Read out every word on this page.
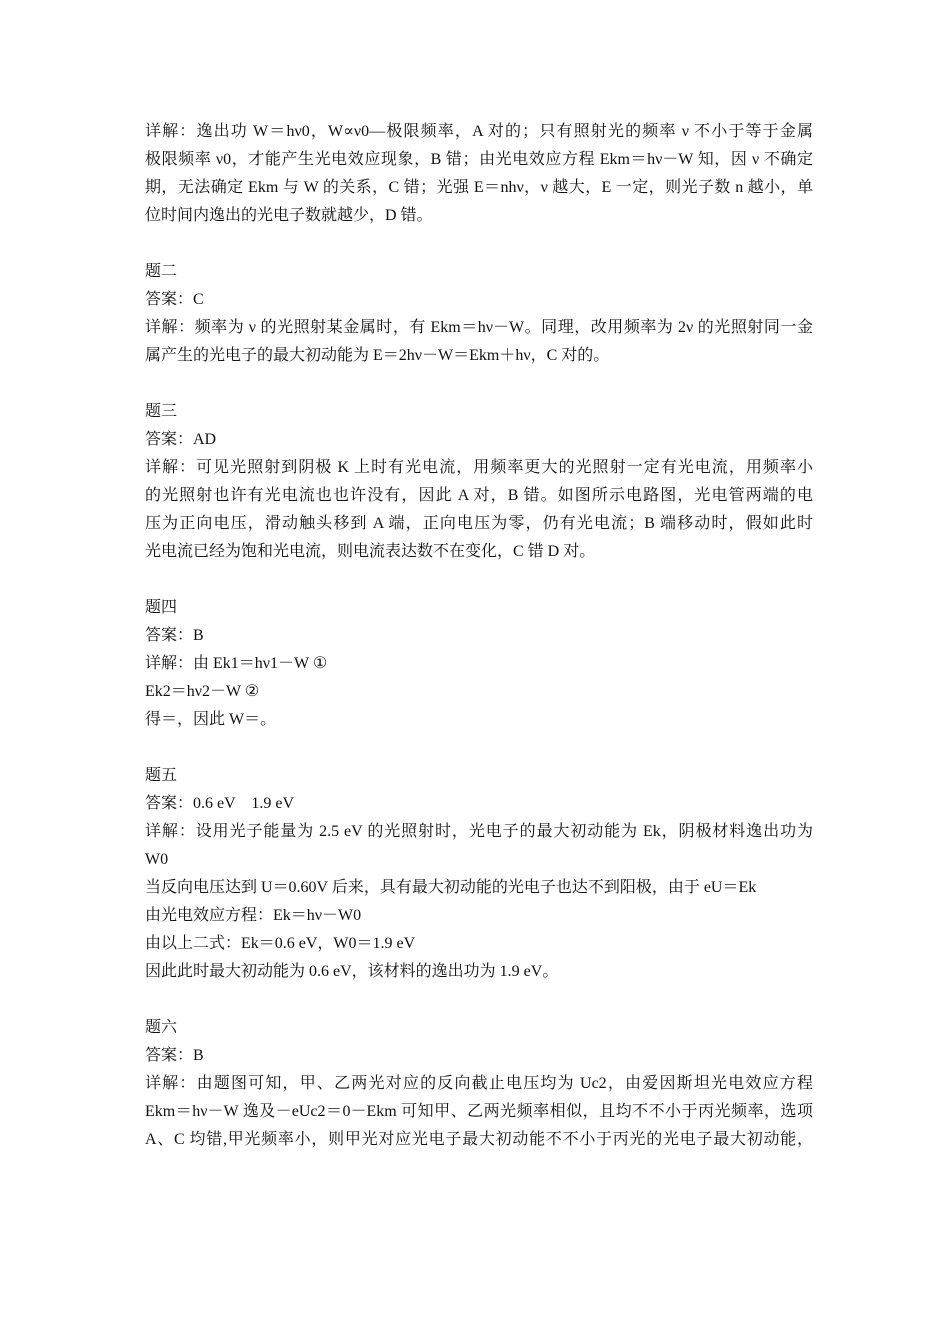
详解：逸出功 W＝hν0，W∝ν0—极限频率，A 对的；只有照射光的频率 ν 不小于等于金属
极限频率 ν0，才能产生光电效应现象，B 错；由光电效应方程 Ekm＝hν－W 知，因 ν 不确定
期，无法确定 Ekm 与 W 的关系，C 错；光强 E＝nhν，ν 越大，E 一定，则光子数 n 越小，单
位时间内逸出的光电子数就越少，D 错。
题二
答案：C
详解：频率为 ν 的光照射某金属时，有 Ekm＝hν－W。同理，改用频率为 2ν 的光照射同一金
属产生的光电子的最大初动能为 E＝2hν－W＝Ekm＋hν，C 对的。
题三
答案：AD
详解：可见光照射到阴极 K 上时有光电流，用频率更大的光照射一定有光电流，用频率小
的光照射也许有光电流也也许没有，因此 A 对，B 错。如图所示电路图，光电管两端的电
压为正向电压，滑动触头移到 A 端，正向电压为零，仍有光电流；B 端移动时，假如此时
光电流已经为饱和光电流，则电流表达数不在变化，C 错 D 对。
题四
答案：B
详解：由 Ek1＝hν1－W ①
Ek2＝hν2－W ②
得＝，因此 W＝。
题五
答案：0.6 eV　1.9 eV
详解：设用光子能量为 2.5 eV 的光照射时，光电子的最大初动能为 Ek，阴极材料逸出功为
W0
当反向电压达到 U＝0.60V 后来，具有最大初动能的光电子也达不到阳极，由于 eU＝Ek
由光电效应方程：Ek＝hν－W0
由以上二式：Ek＝0.6 eV，W0＝1.9 eV
因此此时最大初动能为 0.6 eV，该材料的逸出功为 1.9 eV。
题六
答案：B
详解：由题图可知，甲、乙两光对应的反向截止电压均为 Uc2，由爱因斯坦光电效应方程
Ekm＝hν－W 逸及－eUc2＝0－Ekm 可知甲、乙两光频率相似，且均不不小于丙光频率，选项
A、C 均错,甲光频率小，则甲光对应光电子最大初动能不不小于丙光的光电子最大初动能，
